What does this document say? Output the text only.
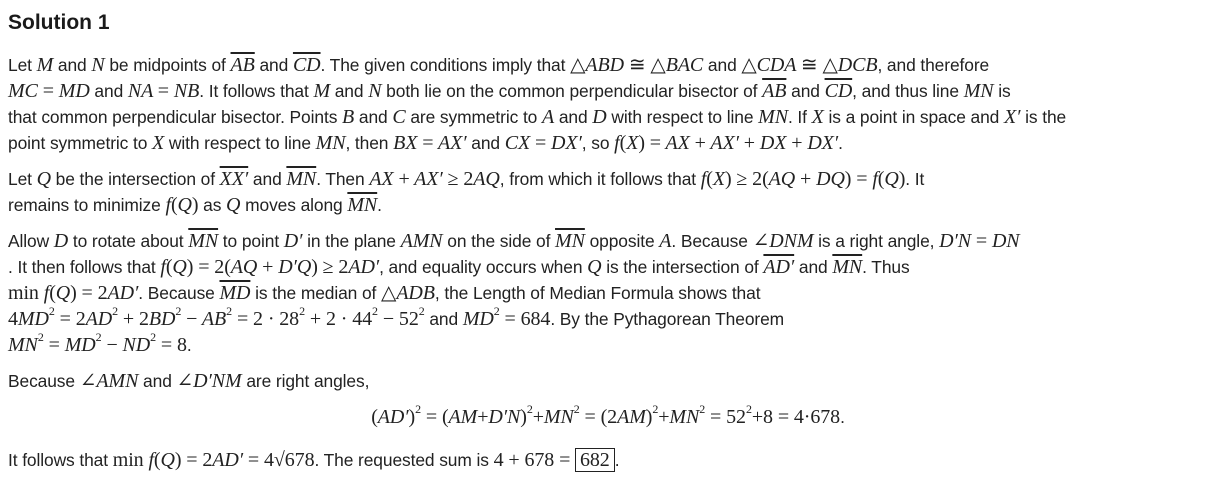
Solution 1
Let M and N be midpoints of $\overline{AB}$ and $\overline{CD}$. The given conditions imply that △ABD ≅ △BAC and △CDA ≅ △DCB, and therefore
MC = MD and NA = NB. It follows that M and N both lie on the common perpendicular bisector of $\overline{AB}$ and $\overline{CD}$, and thus line MN is
that common perpendicular bisector. Points B and C are symmetric to A and D with respect to line MN. If X is a point in space and X′ is the
point symmetric to X with respect to line MN, then BX = AX′ and CX = DX′, so f(X) = AX + AX′ + DX + DX′.
Let Q be the intersection of XX′ and $\overline{MN}$. Then AX + AX′ ≥ 2AQ, from which it follows that f(X) ≥ 2(AQ + DQ) = f(Q). It
remains to minimize f(Q) as Q moves along $\overline{MN}$.
Allow D to rotate about $\overline{MN}$ to point D′ in the plane AMN on the side of $\overline{MN}$ opposite A. Because ∠DNM is a right angle, D′N = DN
. It then follows that f(Q) = 2(AQ + D′Q) ≥ 2AD′, and equality occurs when Q is the intersection of AD′ and $\overline{MN}$. Thus
min f(Q) = 2AD′. Because $\overline{MD}$ is the median of △ADB, the Length of Median Formula shows that
$4MD^2 = 2AD^2 + 2BD^2 - AB^2 = 2 \cdot 28^2 + 2 \cdot 44^2 - 52^2$ and $MD^2 = 684$. By the Pythagorean Theorem
$MN^2 = MD^2 - ND^2 = 8$.
Because ∠AMN and ∠D′NM are right angles,
$(AD')^2 = (AM+D'N)^2+MN^2 = (2AM)^2+MN^2 = 52^2+8 = 4\cdot 678$.
It follows that min f(Q) = 2AD′ = 4√678. The requested sum is 4 + 678 = 682 .
